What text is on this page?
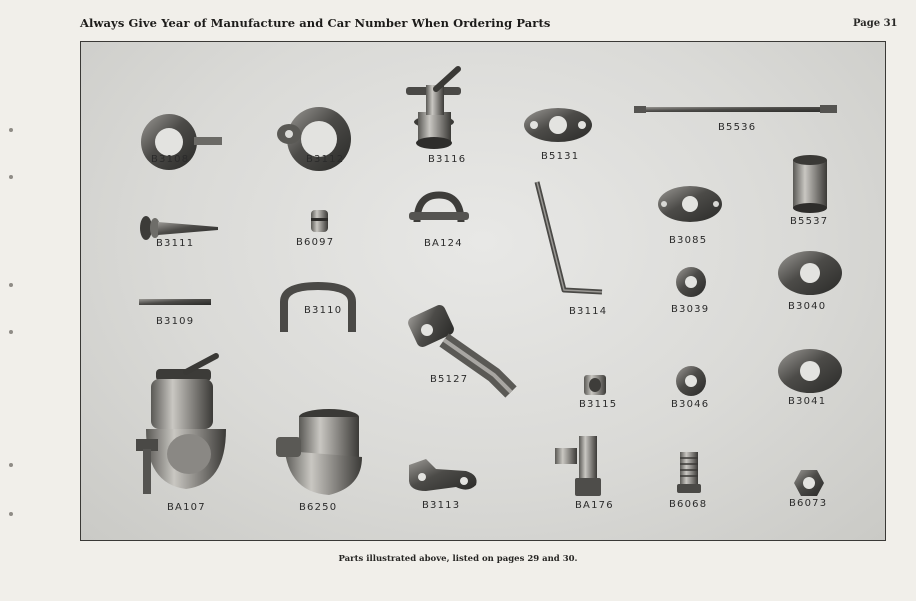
Always Give Year of Manufacture and Car Number When Ordering Parts	Page 31
B3108	B3112	B3116	B5131
B5536
B3111	B6097	BA124
B3114
B3085
B5537
B3109
B3110
B5127
B3039	B3040
BA107	B6250	B3113
B3115	B3046	B3041
BA176	B6068	B6073
Parts illustrated above, listed on pages 29 and 30.
